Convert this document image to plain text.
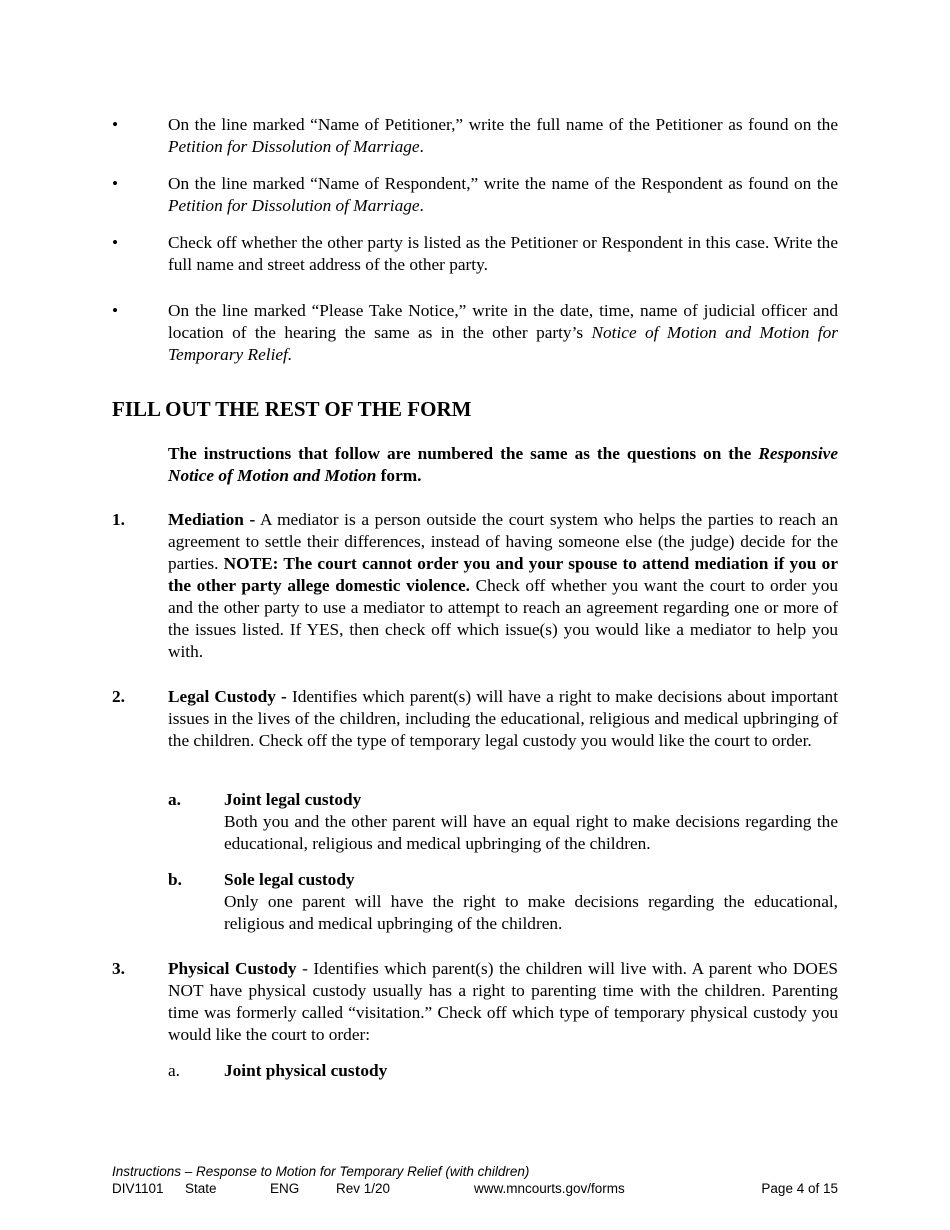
•	On the line marked “Name of Petitioner,” write the full name of the Petitioner as found on the Petition for Dissolution of Marriage.
•	On the line marked “Name of Respondent,” write the name of the Respondent as found on the Petition for Dissolution of Marriage.
•	Check off whether the other party is listed as the Petitioner or Respondent in this case. Write the full name and street address of the other party.
•	On the line marked “Please Take Notice,” write in the date, time, name of judicial officer and location of the hearing the same as in the other party’s Notice of Motion and Motion for Temporary Relief.
FILL OUT THE REST OF THE FORM
The instructions that follow are numbered the same as the questions on the Responsive Notice of Motion and Motion form.
1. Mediation - A mediator is a person outside the court system who helps the parties to reach an agreement to settle their differences, instead of having someone else (the judge) decide for the parties. NOTE: The court cannot order you and your spouse to attend mediation if you or the other party allege domestic violence. Check off whether you want the court to order you and the other party to use a mediator to attempt to reach an agreement regarding one or more of the issues listed. If YES, then check off which issue(s) you would like a mediator to help you with.
2. Legal Custody - Identifies which parent(s) will have a right to make decisions about important issues in the lives of the children, including the educational, religious and medical upbringing of the children. Check off the type of temporary legal custody you would like the court to order.
a. Joint legal custody
Both you and the other parent will have an equal right to make decisions regarding the educational, religious and medical upbringing of the children.
b. Sole legal custody
Only one parent will have the right to make decisions regarding the educational, religious and medical upbringing of the children.
3. Physical Custody - Identifies which parent(s) the children will live with. A parent who DOES NOT have physical custody usually has a right to parenting time with the children. Parenting time was formerly called “visitation.” Check off which type of temporary physical custody you would like the court to order:
a.	Joint physical custody
Instructions – Response to Motion for Temporary Relief (with children)
DIV1101 State	ENG	Rev 1/20	www.mncourts.gov/forms	Page 4 of 15
